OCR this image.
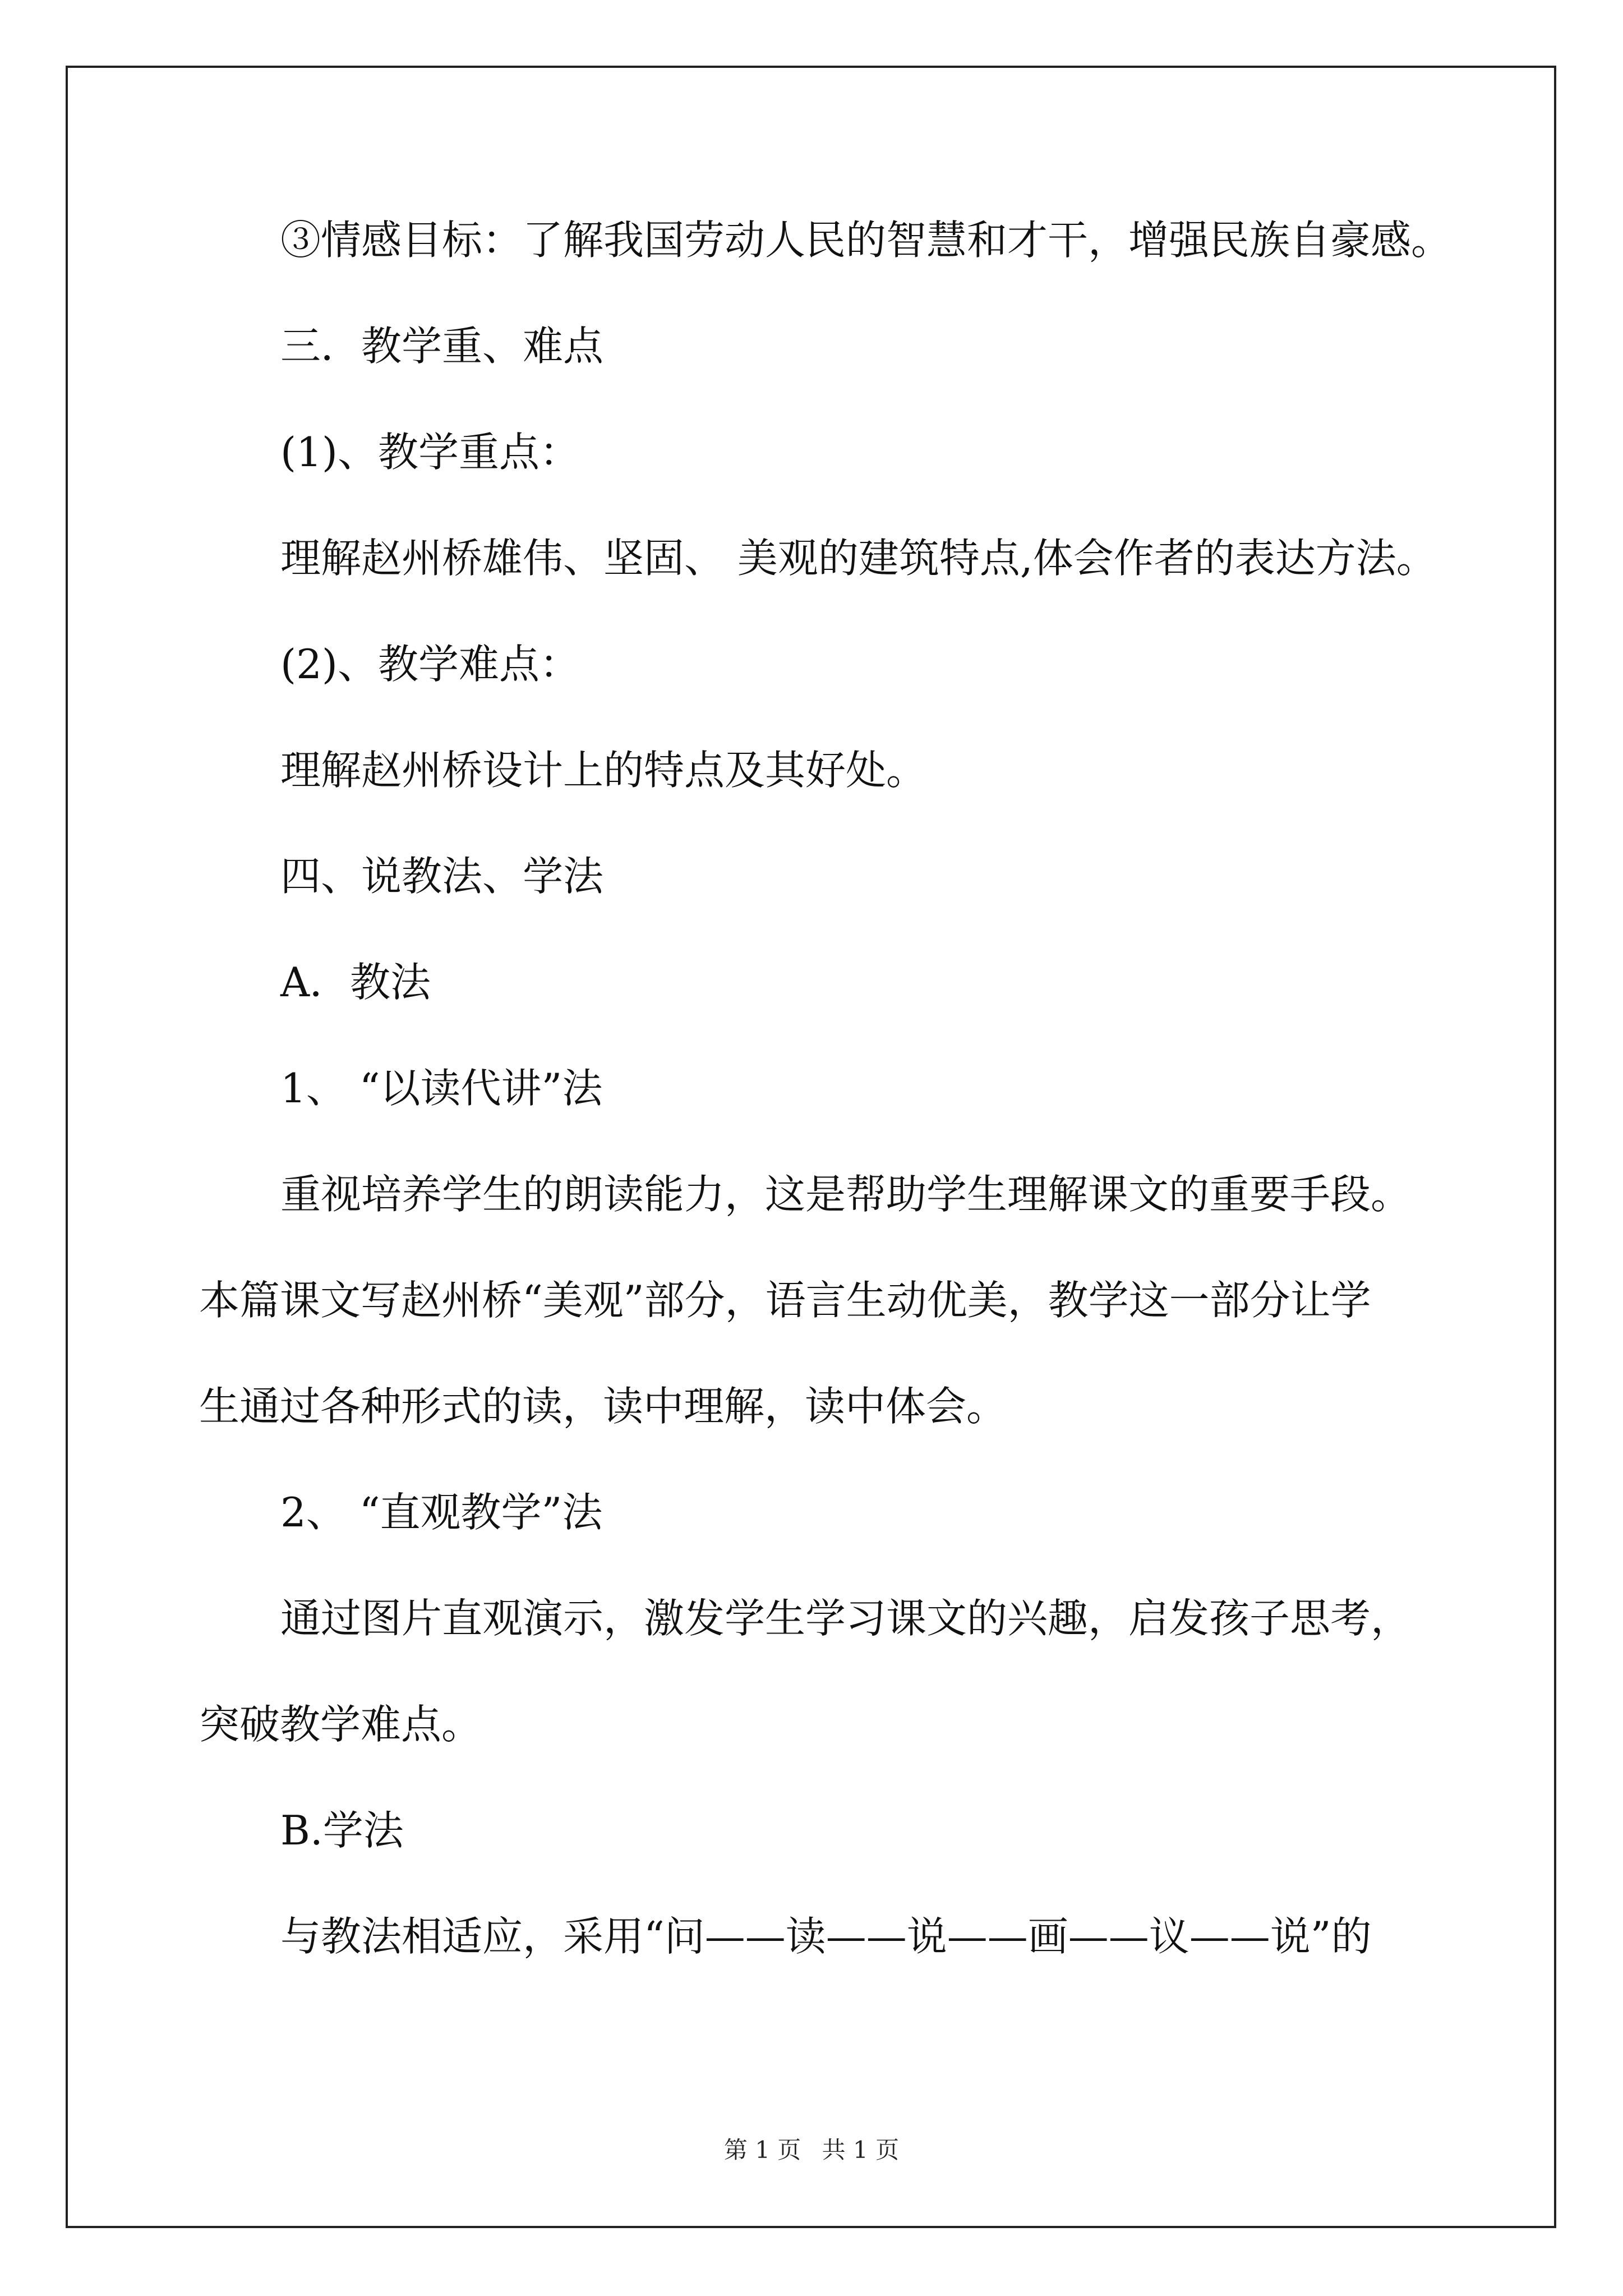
③情感目标：了解我国劳动人民的智慧和才干，增强民族自豪感。
三．教学重、难点
(1)、教学重点：
理解赵州桥雄伟、坚固、 美观的建筑特点,体会作者的表达方法。
(2)、教学难点：
理解赵州桥设计上的特点及其好处。
四、说教法、学法
A．教法
1、 “以读代讲”法
重视培养学生的朗读能力，这是帮助学生理解课文的重要手段。
本篇课文写赵州桥“美观”部分，语言生动优美，教学这一部分让学
生通过各种形式的读，读中理解，读中体会。
2、 “直观教学”法
通过图片直观演示，激发学生学习课文的兴趣，启发孩子思考，
突破教学难点。
B.学法
与教法相适应，采用“问——读——说——画——议——说”的
第 1 页 共 1 页
